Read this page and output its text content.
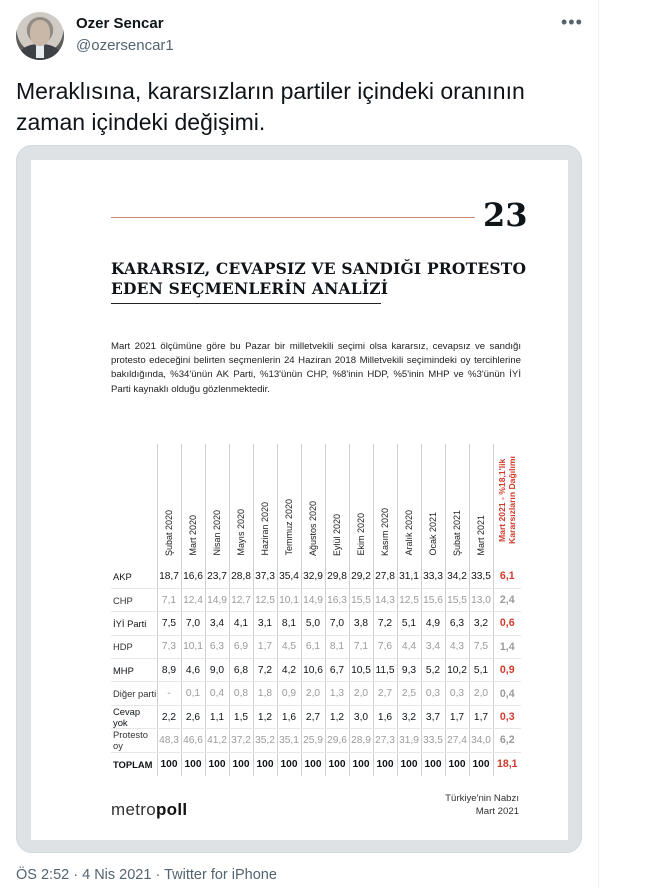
Ozer Sencar
@ozersencar1
•••
Meraklısına, kararsızların partiler içindeki oranının zaman içindeki değişimi.
23
KARARSIZ, CEVAPSIZ VE SANDIĞI PROTESTO
EDEN SEÇMENLERİN ANALİZİ
Mart 2021 ölçümüne göre bu Pazar bir milletvekili seçimi olsa kararsız, cevapsız ve sandığı protesto edeceğini belirten seçmenlerin 24 Haziran 2018 Milletvekili seçimindeki oy tercihlerine bakıldığında, %34'ünün AK Parti, %13'ünün CHP, %8'inin HDP, %5'inin MHP ve %3'ünün İYİ Parti kaynaklı olduğu gözlenmektedir.
	Şubat 2020	Mart 2020	Nisan 2020	Mayıs 2020	Haziran 2020	Temmuz 2020	Ağustos 2020	Eylül 2020	Ekim 2020	Kasım 2020	Aralık 2020	Ocak 2021	Şubat 2021	Mart 2021	Mart 2021 - %18,1'lik Kararsızların Dağılımı
AKP	18,7	16,6	23,7	28,8	37,3	35,4	32,9	29,8	29,2	27,8	31,1	33,3	34,2	33,5	6,1
CHP	7,1	12,4	14,9	12,7	12,5	10,1	14,9	16,3	15,5	14,3	12,5	15,6	15,5	13,0	2,4
İYİ Parti	7,5	7,0	3,4	4,1	3,1	8,1	5,0	7,0	3,8	7,2	5,1	4,9	6,3	3,2	0,6
HDP	7,3	10,1	6,3	6,9	1,7	4,5	6,1	8,1	7,1	7,6	4,4	3,4	4,3	7,5	1,4
MHP	8,9	4,6	9,0	6,8	7,2	4,2	10,6	6,7	10,5	11,5	9,3	5,2	10,2	5,1	0,9
Diğer parti	-	0,1	0,4	0,8	1,8	0,9	2,0	1,3	2,0	2,7	2,5	0,3	0,3	2,0	0,4
Cevap yok	2,2	2,6	1,1	1,5	1,2	1,6	2,7	1,2	3,0	1,6	3,2	3,7	1,7	1,7	0,3
Protesto oy	48,3	46,6	41,2	37,2	35,2	35,1	25,9	29,6	28,9	27,3	31,9	33,5	27,4	34,0	6,2
TOPLAM	100	100	100	100	100	100	100	100	100	100	100	100	100	100	18,1
metropoll
Türkiye'nin Nabzı
Mart 2021
ÖS 2:52 · 4 Nis 2021 · Twitter for iPhone
